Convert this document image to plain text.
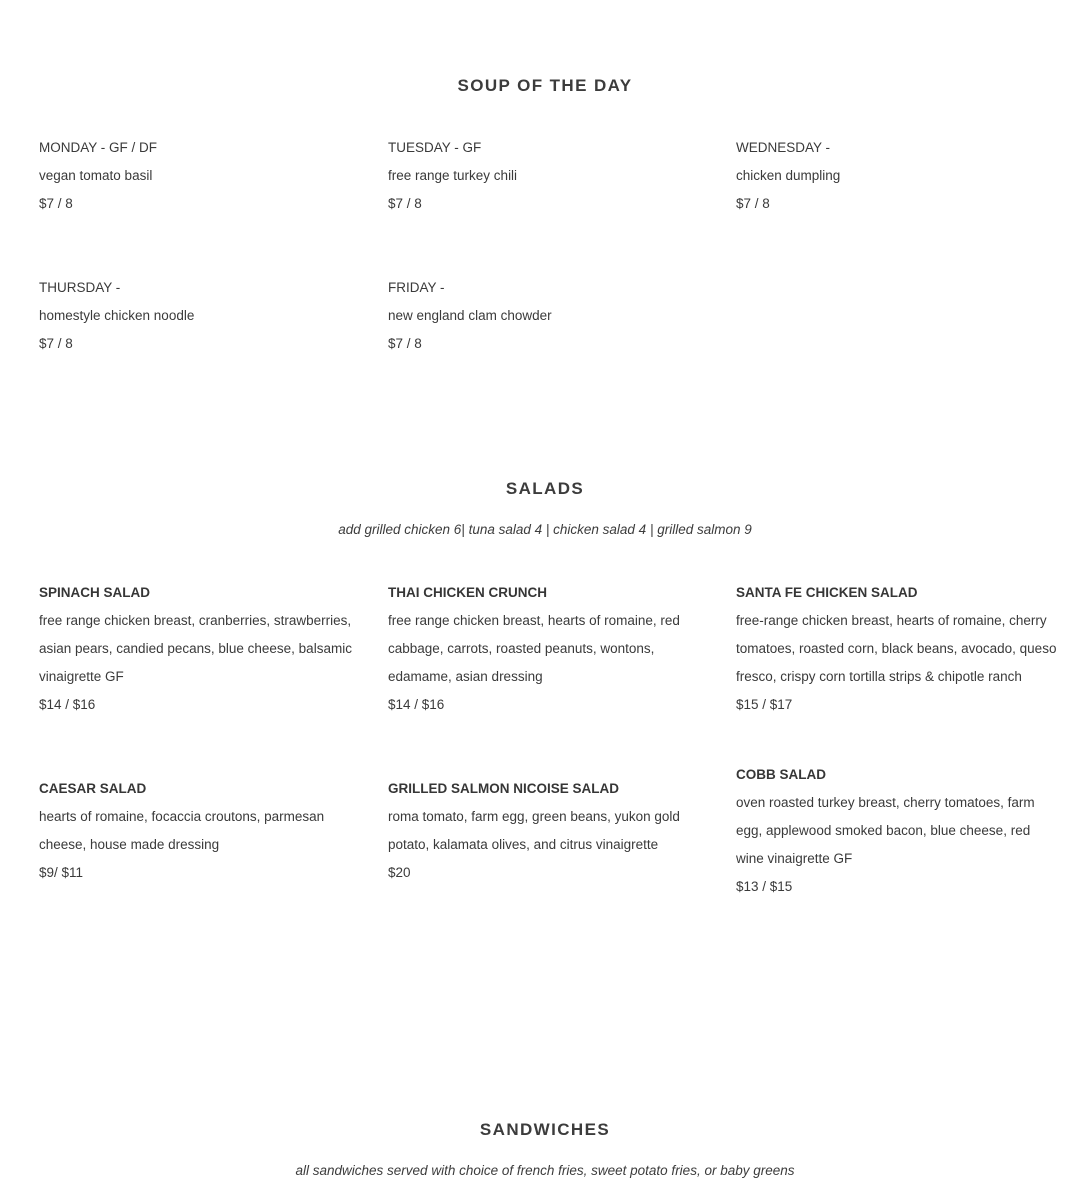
SOUP OF THE DAY
MONDAY - GF / DF
vegan tomato basil
$7 / 8
TUESDAY - GF
free range turkey chili
$7 / 8
WEDNESDAY -
chicken dumpling
$7 / 8
THURSDAY -
homestyle chicken noodle
$7 / 8
FRIDAY -
new england clam chowder
$7 / 8
SALADS
add grilled chicken 6| tuna salad 4 | chicken salad 4 | grilled salmon 9
SPINACH SALAD
free range chicken breast, cranberries, strawberries, asian pears, candied pecans, blue cheese, balsamic vinaigrette GF
$14 / $16
THAI CHICKEN CRUNCH
free range chicken breast, hearts of romaine, red cabbage, carrots, roasted peanuts, wontons, edamame, asian dressing
$14 / $16
SANTA FE CHICKEN SALAD
free-range chicken breast, hearts of romaine, cherry tomatoes, roasted corn, black beans, avocado, queso fresco, crispy corn tortilla strips & chipotle ranch
$15 / $17
CAESAR SALAD
hearts of romaine, focaccia croutons, parmesan cheese, house made dressing
$9/ $11
GRILLED SALMON NICOISE SALAD
roma tomato, farm egg, green beans, yukon gold potato, kalamata olives, and citrus vinaigrette
$20
COBB SALAD
oven roasted turkey breast, cherry tomatoes, farm egg, applewood smoked bacon, blue cheese, red wine vinaigrette GF
$13 / $15
SANDWICHES
all sandwiches served with choice of french fries, sweet potato fries, or baby greens
